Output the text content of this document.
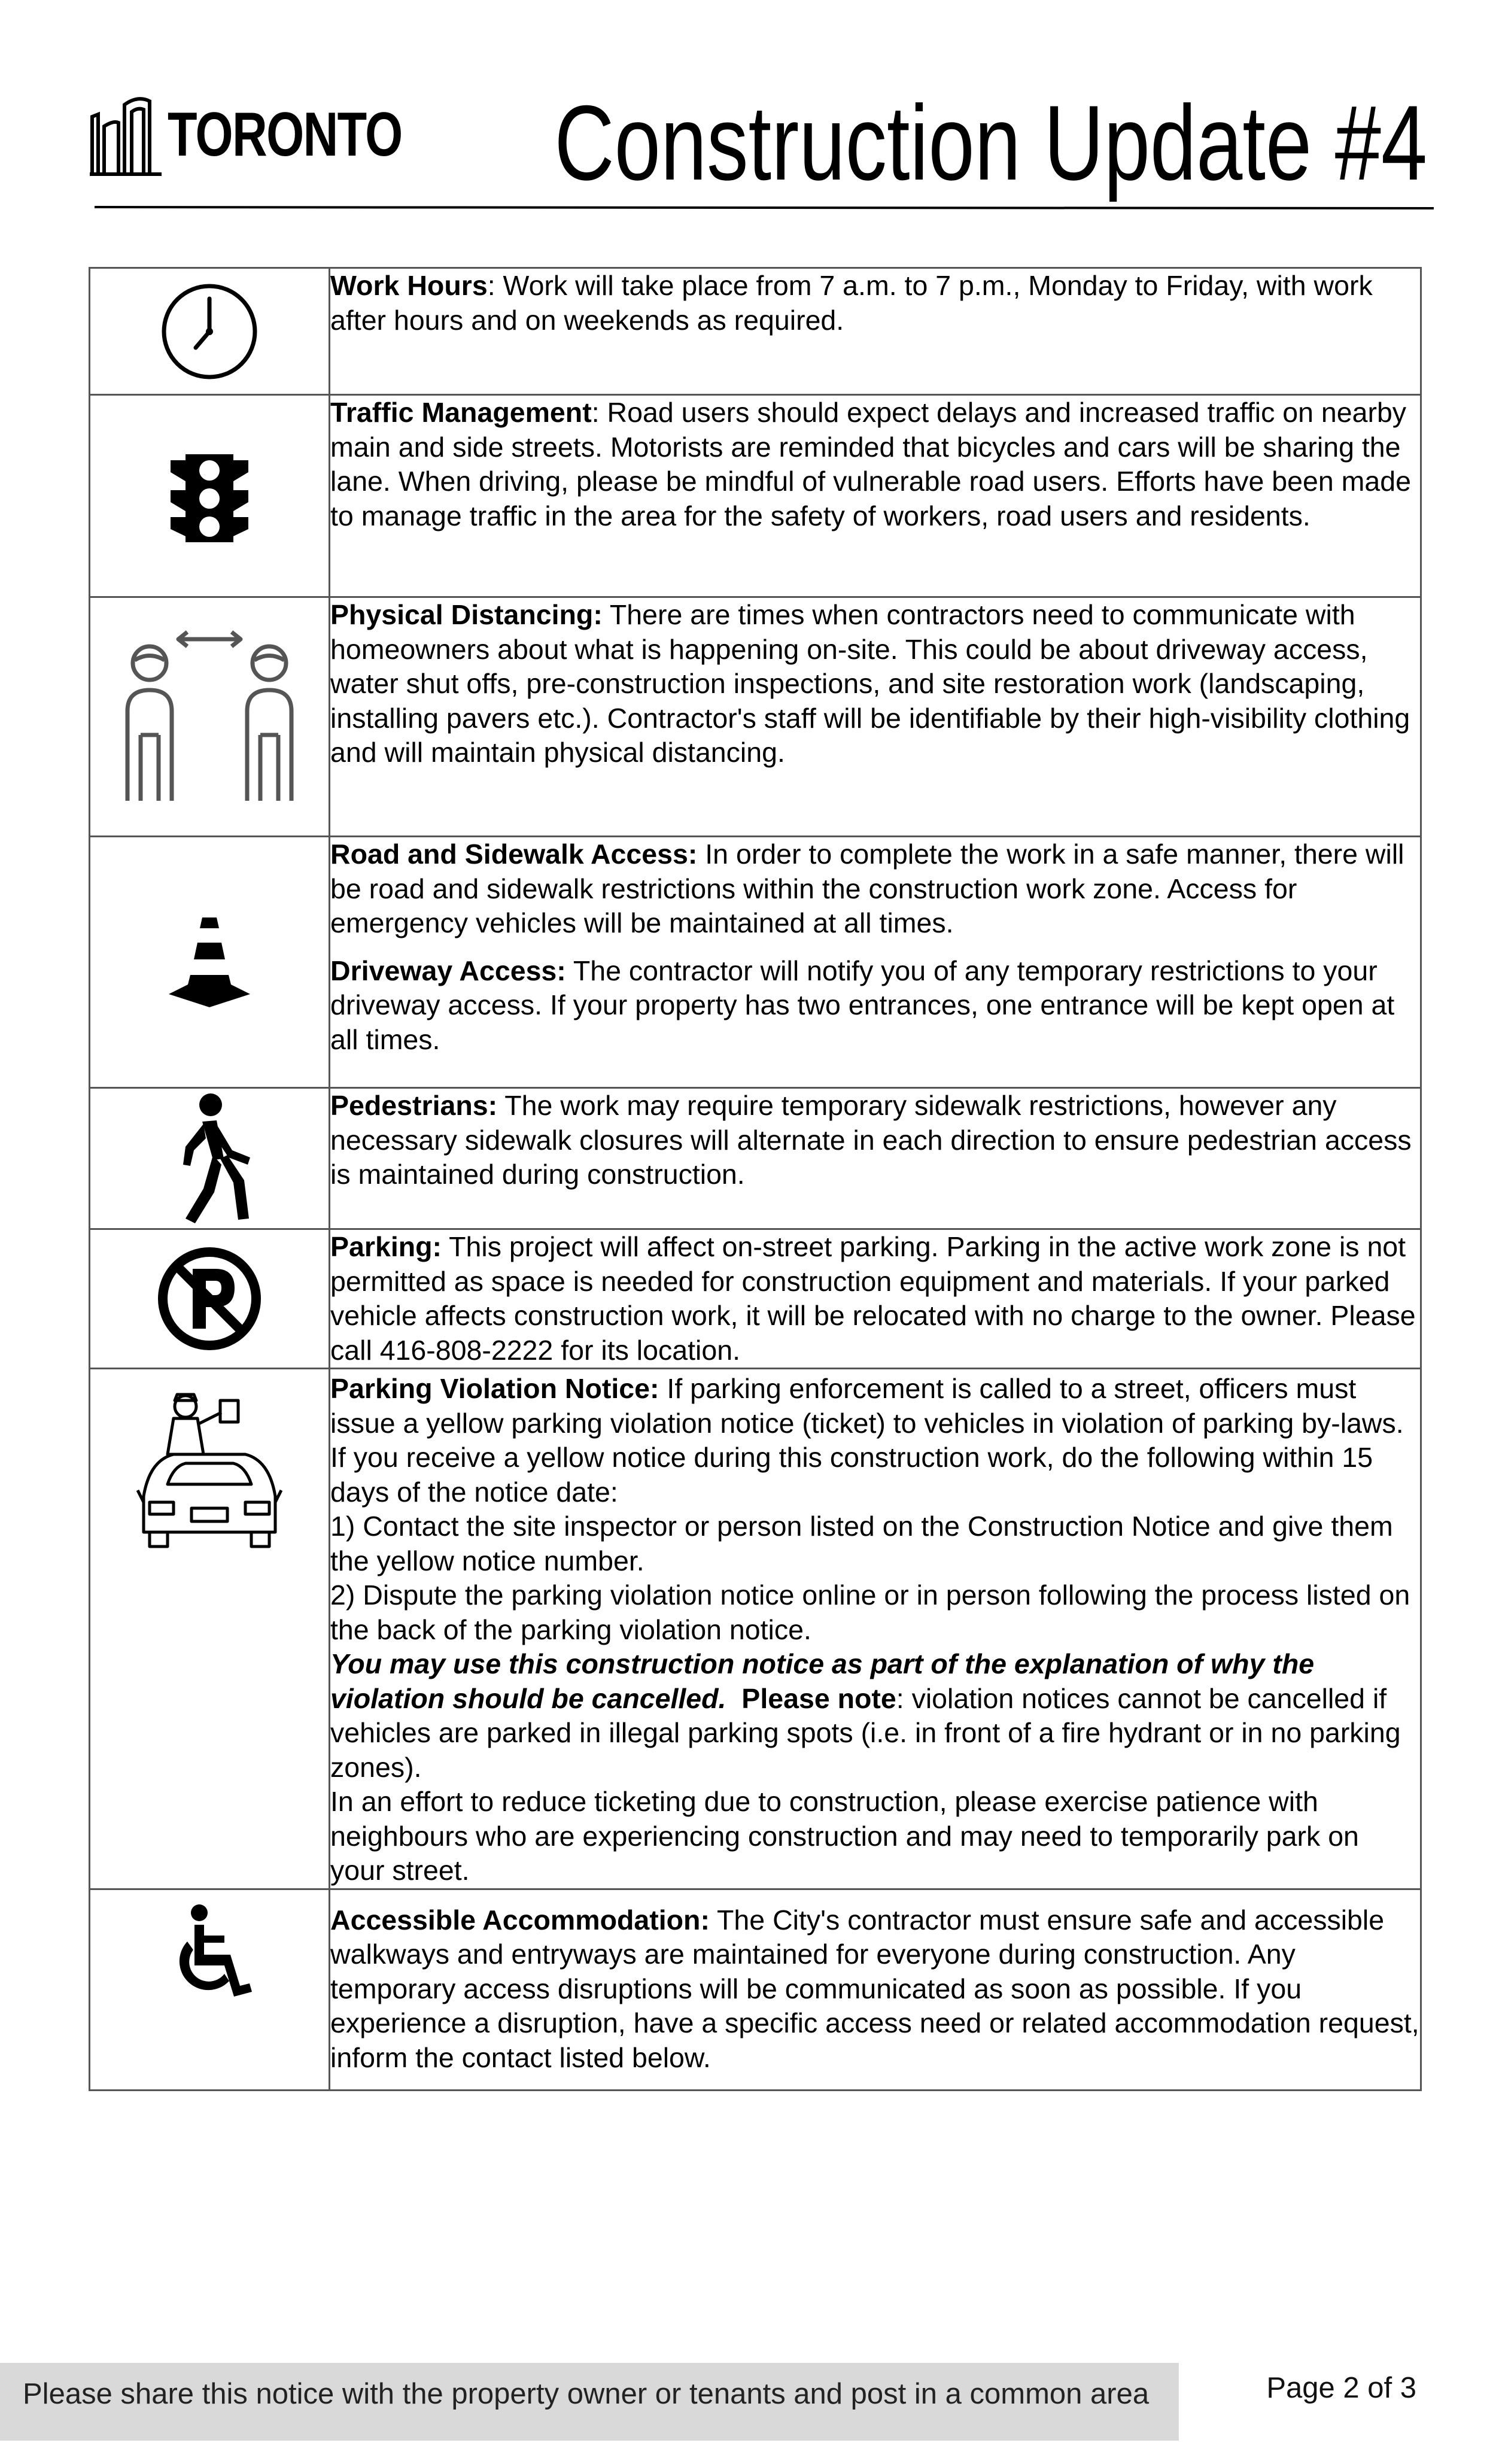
TORONTO Construction Update #4

Work Hours: Work will take place from 7 a.m. to 7 p.m., Monday to Friday, with work after hours and on weekends as required.

Traffic Management: Road users should expect delays and increased traffic on nearby main and side streets. Motorists are reminded that bicycles and cars will be sharing the lane. When driving, please be mindful of vulnerable road users. Efforts have been made to manage traffic in the area for the safety of workers, road users and residents.

Physical Distancing: There are times when contractors need to communicate with homeowners about what is happening on-site. This could be about driveway access, water shut offs, pre-construction inspections, and site restoration work (landscaping, installing pavers etc.). Contractor's staff will be identifiable by their high-visibility clothing and will maintain physical distancing.

Road and Sidewalk Access: In order to complete the work in a safe manner, there will be road and sidewalk restrictions within the construction work zone. Access for emergency vehicles will be maintained at all times.

Driveway Access: The contractor will notify you of any temporary restrictions to your driveway access. If your property has two entrances, one entrance will be kept open at all times.

Pedestrians: The work may require temporary sidewalk restrictions, however any necessary sidewalk closures will alternate in each direction to ensure pedestrian access is maintained during construction.

Parking: This project will affect on-street parking. Parking in the active work zone is not permitted as space is needed for construction equipment and materials. If your parked vehicle affects construction work, it will be relocated with no charge to the owner. Please call 416-808-2222 for its location.

Parking Violation Notice: If parking enforcement is called to a street, officers must issue a yellow parking violation notice (ticket) to vehicles in violation of parking by-laws. If you receive a yellow notice during this construction work, do the following within 15 days of the notice date:

1) Contact the site inspector or person listed on the Construction Notice and give them the yellow notice number.

2) Dispute the parking violation notice online or in person following the process listed on the back of the parking violation notice.

You may use this construction notice as part of the explanation of why the violation should be cancelled.  Please note: violation notices cannot be cancelled if vehicles are parked in illegal parking spots (i.e. in front of a fire hydrant or in no parking zones).

In an effort to reduce ticketing due to construction, please exercise patience with neighbours who are experiencing construction and may need to temporarily park on your street.

Accessible Accommodation: The City's contractor must ensure safe and accessible walkways and entryways are maintained for everyone during construction. Any temporary access disruptions will be communicated as soon as possible. If you experience a disruption, have a specific access need or related accommodation request, inform the contact listed below.

Please share this notice with the property owner or tenants and post in a common area	Page 2 of 3
